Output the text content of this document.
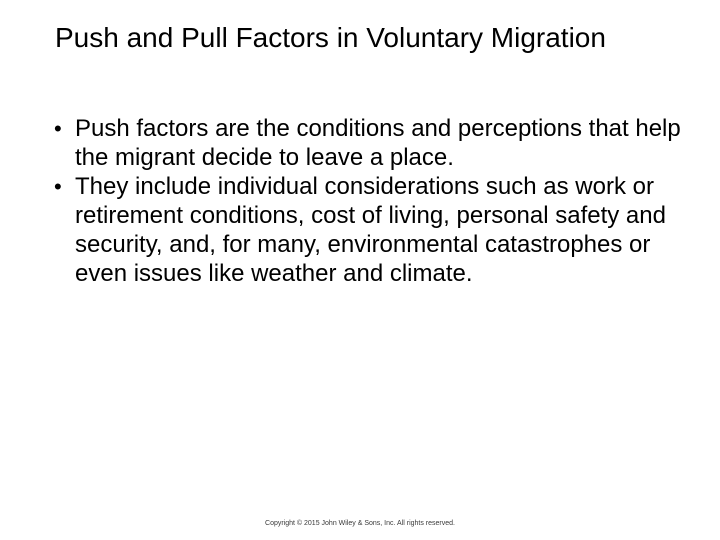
Push and Pull Factors in Voluntary Migration
• Push factors are the conditions and perceptions that help the migrant decide to leave a place.
• They include individual considerations such as work or retirement conditions, cost of living, personal safety and security, and, for many, environmental catastrophes or even issues like weather and climate.
Copyright © 2015 John Wiley & Sons, Inc. All rights reserved.
